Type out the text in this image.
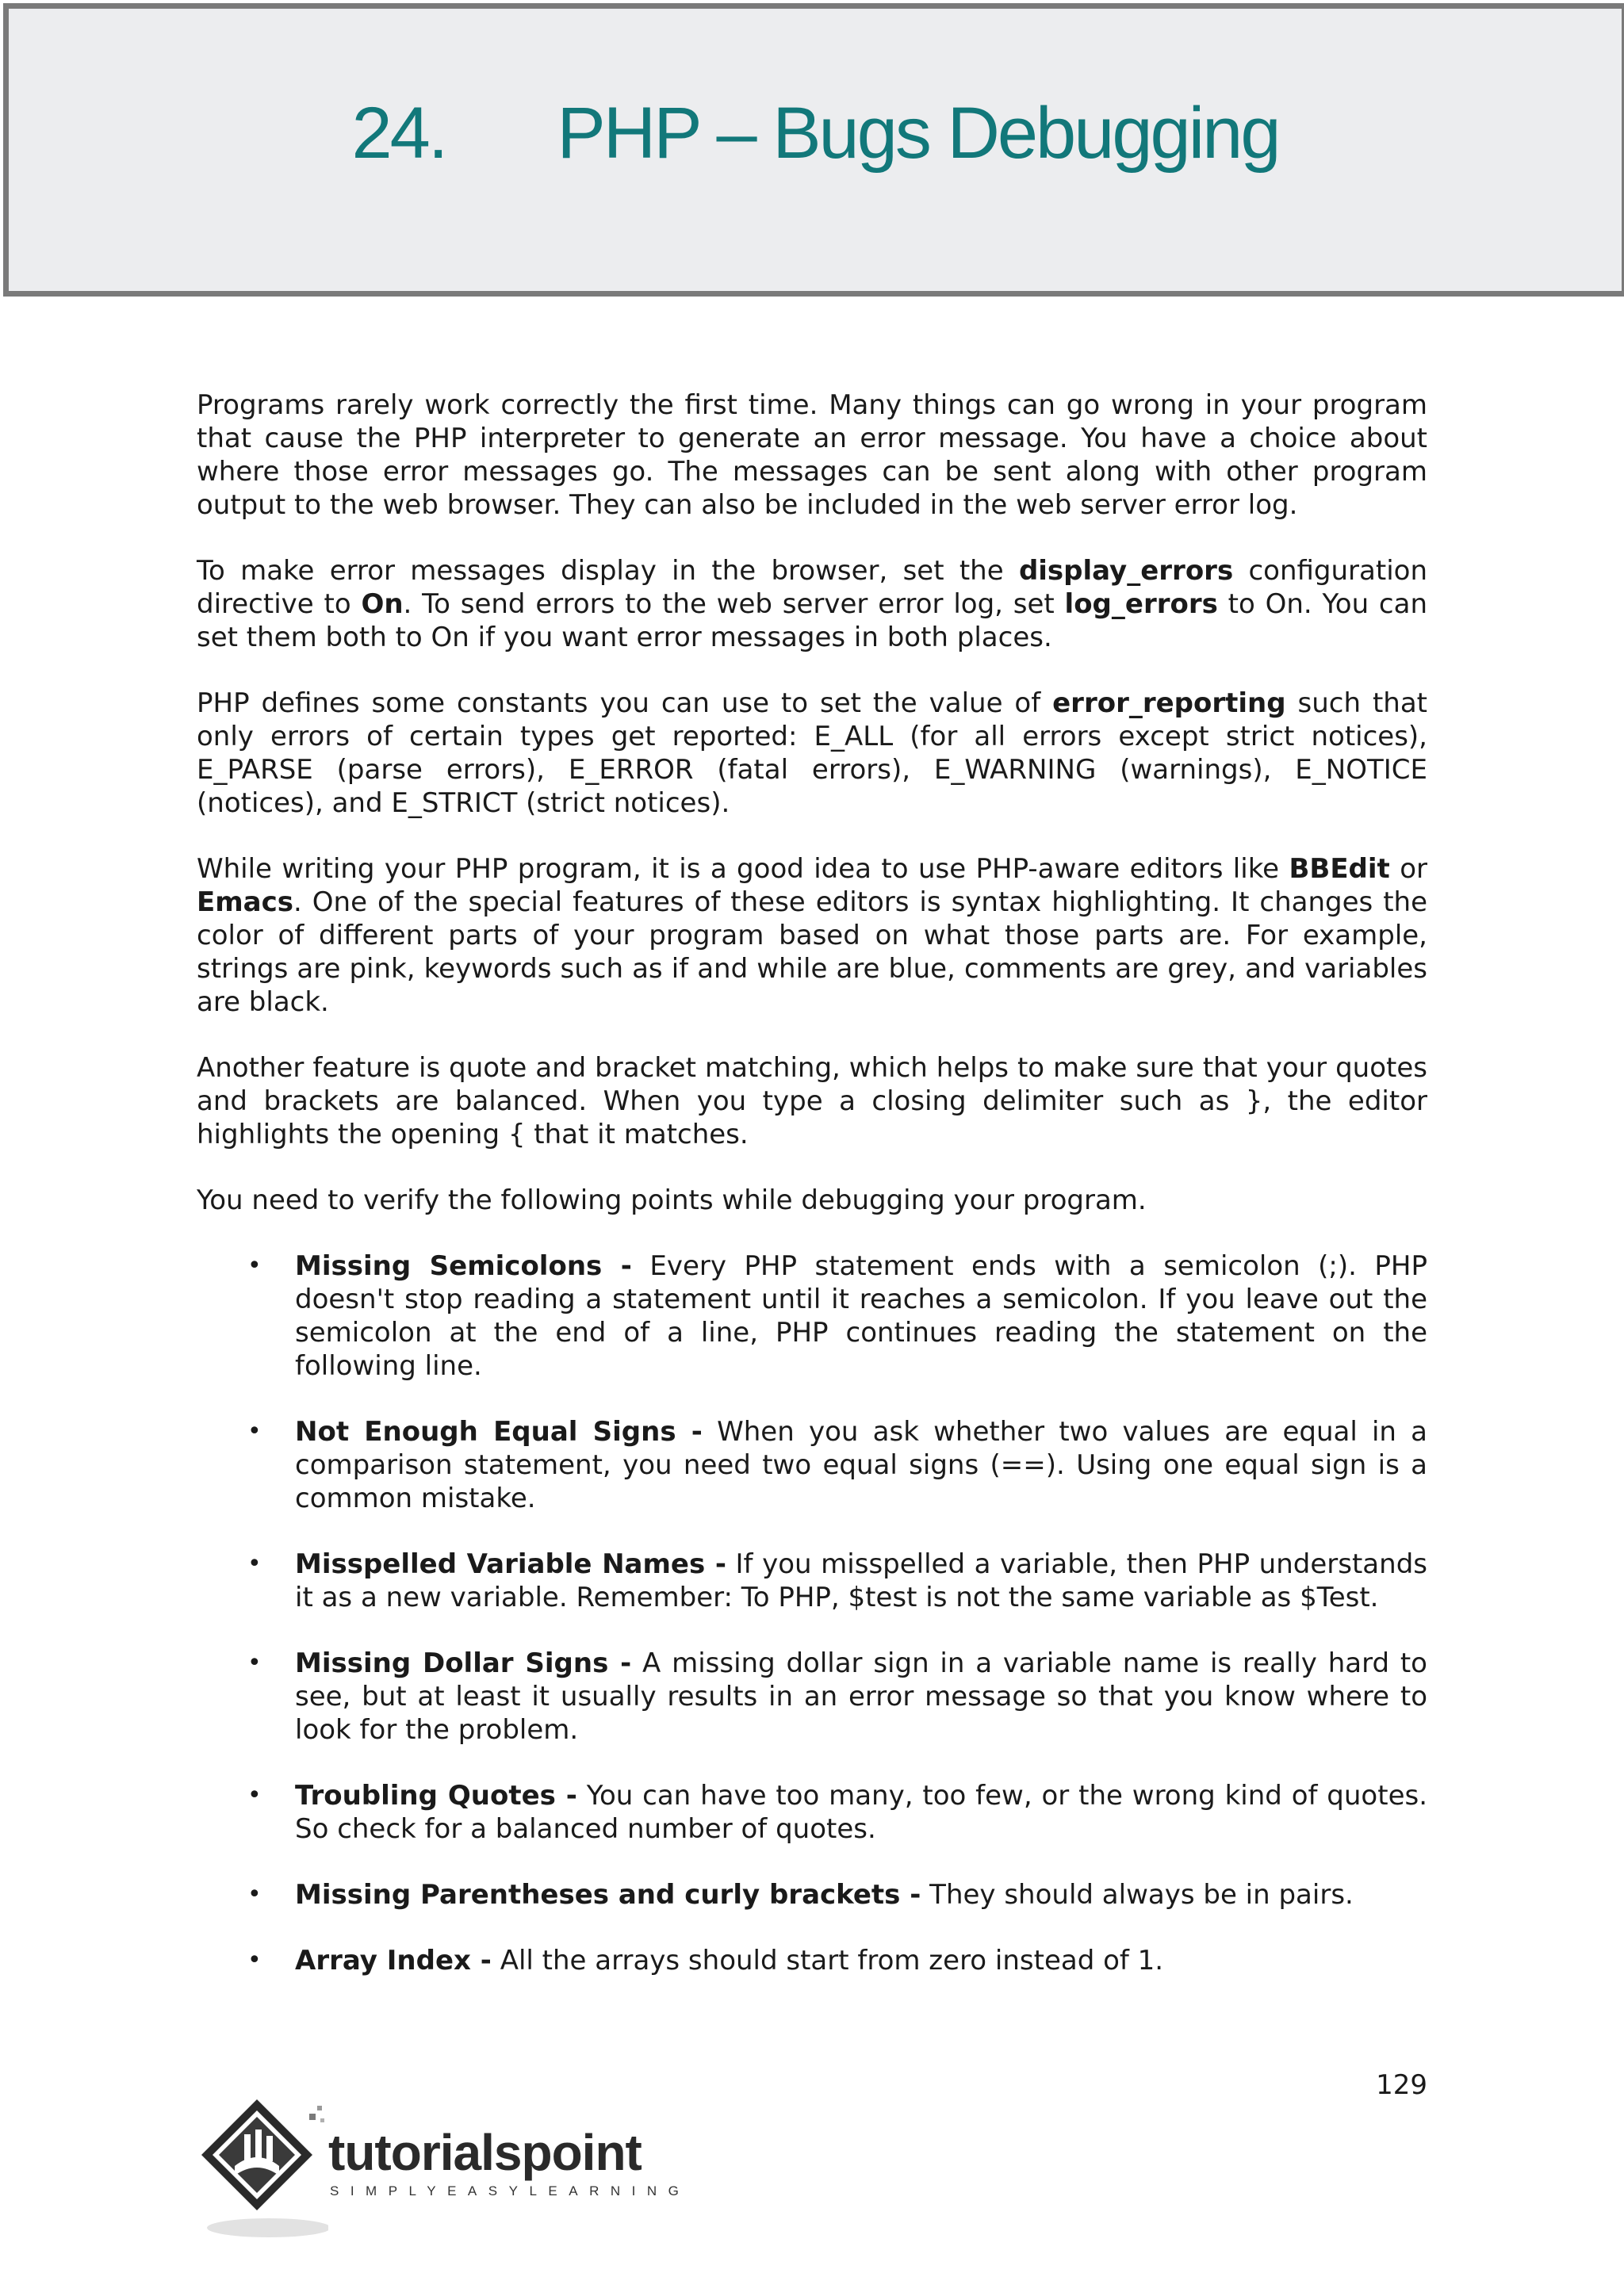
24. PHP – Bugs Debugging

Programs rarely work correctly the first time. Many things can go wrong in your program that cause the PHP interpreter to generate an error message. You have a choice about where those error messages go. The messages can be sent along with other program output to the web browser. They can also be included in the web server error log.

To make error messages display in the browser, set the display_errors configuration directive to On. To send errors to the web server error log, set log_errors to On. You can set them both to On if you want error messages in both places.

PHP defines some constants you can use to set the value of error_reporting such that only errors of certain types get reported: E_ALL (for all errors except strict notices), E_PARSE (parse errors), E_ERROR (fatal errors), E_WARNING (warnings), E_NOTICE (notices), and E_STRICT (strict notices).

While writing your PHP program, it is a good idea to use PHP-aware editors like BBEdit or Emacs. One of the special features of these editors is syntax highlighting. It changes the color of different parts of your program based on what those parts are. For example, strings are pink, keywords such as if and while are blue, comments are grey, and variables are black.

Another feature is quote and bracket matching, which helps to make sure that your quotes and brackets are balanced. When you type a closing delimiter such as }, the editor highlights the opening { that it matches.

You need to verify the following points while debugging your program.

• Missing Semicolons - Every PHP statement ends with a semicolon (;). PHP doesn't stop reading a statement until it reaches a semicolon. If you leave out the semicolon at the end of a line, PHP continues reading the statement on the following line.
• Not Enough Equal Signs - When you ask whether two values are equal in a comparison statement, you need two equal signs (==). Using one equal sign is a common mistake.
• Misspelled Variable Names - If you misspelled a variable, then PHP understands it as a new variable. Remember: To PHP, $test is not the same variable as $Test.
• Missing Dollar Signs - A missing dollar sign in a variable name is really hard to see, but at least it usually results in an error message so that you know where to look for the problem.
• Troubling Quotes - You can have too many, too few, or the wrong kind of quotes. So check for a balanced number of quotes.
• Missing Parentheses and curly brackets - They should always be in pairs.
• Array Index - All the arrays should start from zero instead of 1.
129
tutorialspoint
SIMPLYEASYLEARNING
